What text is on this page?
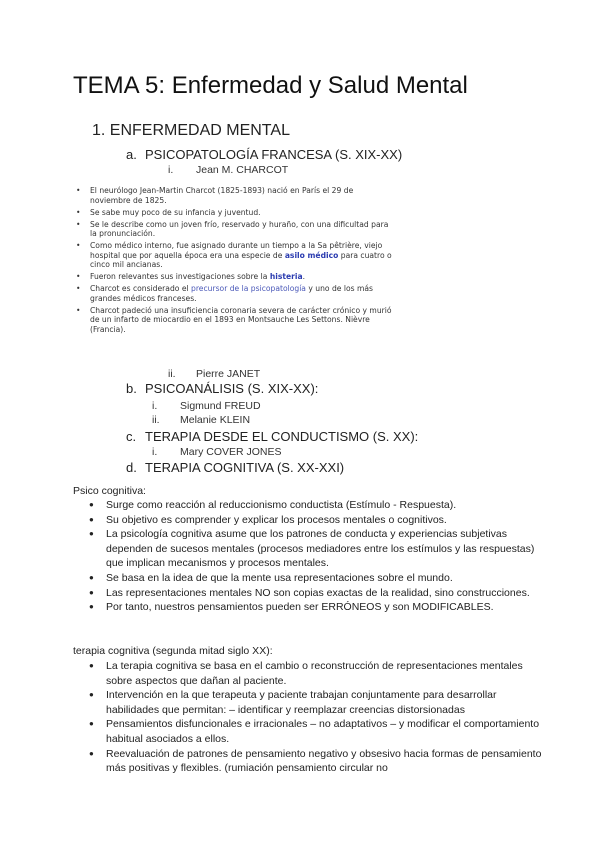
TEMA 5: Enfermedad y Salud Mental
1. ENFERMEDAD MENTAL
a. PSICOPATOLOGÍA FRANCESA (S. XIX-XX)
i. Jean M. CHARCOT
• El neurólogo Jean-Martin Charcot (1825-1893) nació en París el 29 de noviembre de 1825.
• Se sabe muy poco de su infancia y juventud.
• Se le describe como un joven frío, reservado y huraño, con una dificultad para la pronunciación.
• Como médico interno, fue asignado durante un tiempo a la Sa pêtrière, viejo hospital que por aquella época era una especie de asilo médico para cuatro o cinco mil ancianas.
• Fueron relevantes sus investigaciones sobre la histeria.
• Charcot es considerado el precursor de la psicopatología y uno de los más grandes médicos franceses.
• Charcot padeció una insuficiencia coronaria severa de carácter crónico y murió de un infarto de miocardio en el 1893 en Montsauche Les Settons. Nièvre (Francia).
ii. Pierre JANET
b. PSICOANÁLISIS (S. XIX-XX):
i. Sigmund FREUD
ii. Melanie KLEIN
c. TERAPIA DESDE EL CONDUCTISMO (S. XX):
i. Mary COVER JONES
d. TERAPIA COGNITIVA (S. XX-XXI)
Psico cognitiva:
● Surge como reacción al reduccionismo conductista (Estímulo - Respuesta).
● Su objetivo es comprender y explicar los procesos mentales o cognitivos.
● La psicología cognitiva asume que los patrones de conducta y experiencias subjetivas dependen de sucesos mentales (procesos mediadores entre los estímulos y las respuestas) que implican mecanismos y procesos mentales.
● Se basa en la idea de que la mente usa representaciones sobre el mundo.
● Las representaciones mentales NO son copias exactas de la realidad, sino construcciones.
● Por tanto, nuestros pensamientos pueden ser ERRÓNEOS y son MODIFICABLES.
terapia cognitiva (segunda mitad siglo XX):
● La terapia cognitiva se basa en el cambio o reconstrucción de representaciones mentales sobre aspectos que dañan al paciente.
● Intervención en la que terapeuta y paciente trabajan conjuntamente para desarrollar habilidades que permitan: – identificar y reemplazar creencias distorsionadas
● Pensamientos disfuncionales e irracionales – no adaptativos – y modificar el comportamiento habitual asociados a ellos.
● Reevaluación de patrones de pensamiento negativo y obsesivo hacia formas de pensamiento más positivas y flexibles. (rumiación pensamiento circular no
